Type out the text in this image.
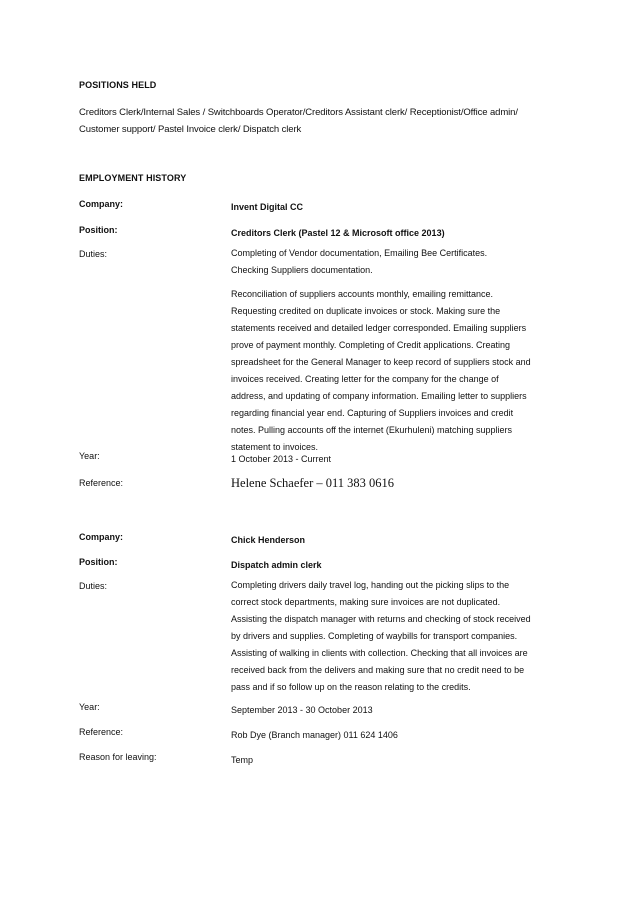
POSITIONS HELD
Creditors Clerk/Internal Sales / Switchboards Operator/Creditors Assistant clerk/ Receptionist/Office admin/
Customer support/ Pastel Invoice clerk/ Dispatch clerk
EMPLOYMENT HISTORY
Company:	Invent Digital CC
Position:	Creditors Clerk (Pastel 12 & Microsoft office 2013)
Duties:	Completing of Vendor documentation, Emailing Bee Certificates.
Checking Suppliers documentation.
Reconciliation of suppliers accounts monthly, emailing remittance.
Requesting credited on duplicate invoices or stock. Making sure the
statements received and detailed ledger corresponded. Emailing suppliers
prove of payment monthly. Completing of Credit applications. Creating
spreadsheet for the General Manager to keep record of suppliers stock and
invoices received. Creating letter for the company for the change of
address, and updating of company information. Emailing letter to suppliers
regarding financial year end. Capturing of Suppliers invoices and credit
notes. Pulling accounts off the internet (Ekurhuleni) matching suppliers
statement to invoices.
Year:	1 October 2013 - Current
Reference:	Helene Schaefer – 011 383 0616
Company:	Chick Henderson
Position:	Dispatch admin clerk
Duties:	Completing drivers daily travel log, handing out the picking slips to the
correct stock departments, making sure invoices are not duplicated.
Assisting the dispatch manager with returns and checking of stock received
by drivers and supplies. Completing of waybills for transport companies.
Assisting of walking in clients with collection. Checking that all invoices are
received back from the delivers and making sure that no credit need to be
pass and if so follow up on the reason relating to the credits.
Year:	September 2013 - 30 October 2013
Reference:	Rob Dye (Branch manager) 011 624 1406
Reason for leaving:	Temp
